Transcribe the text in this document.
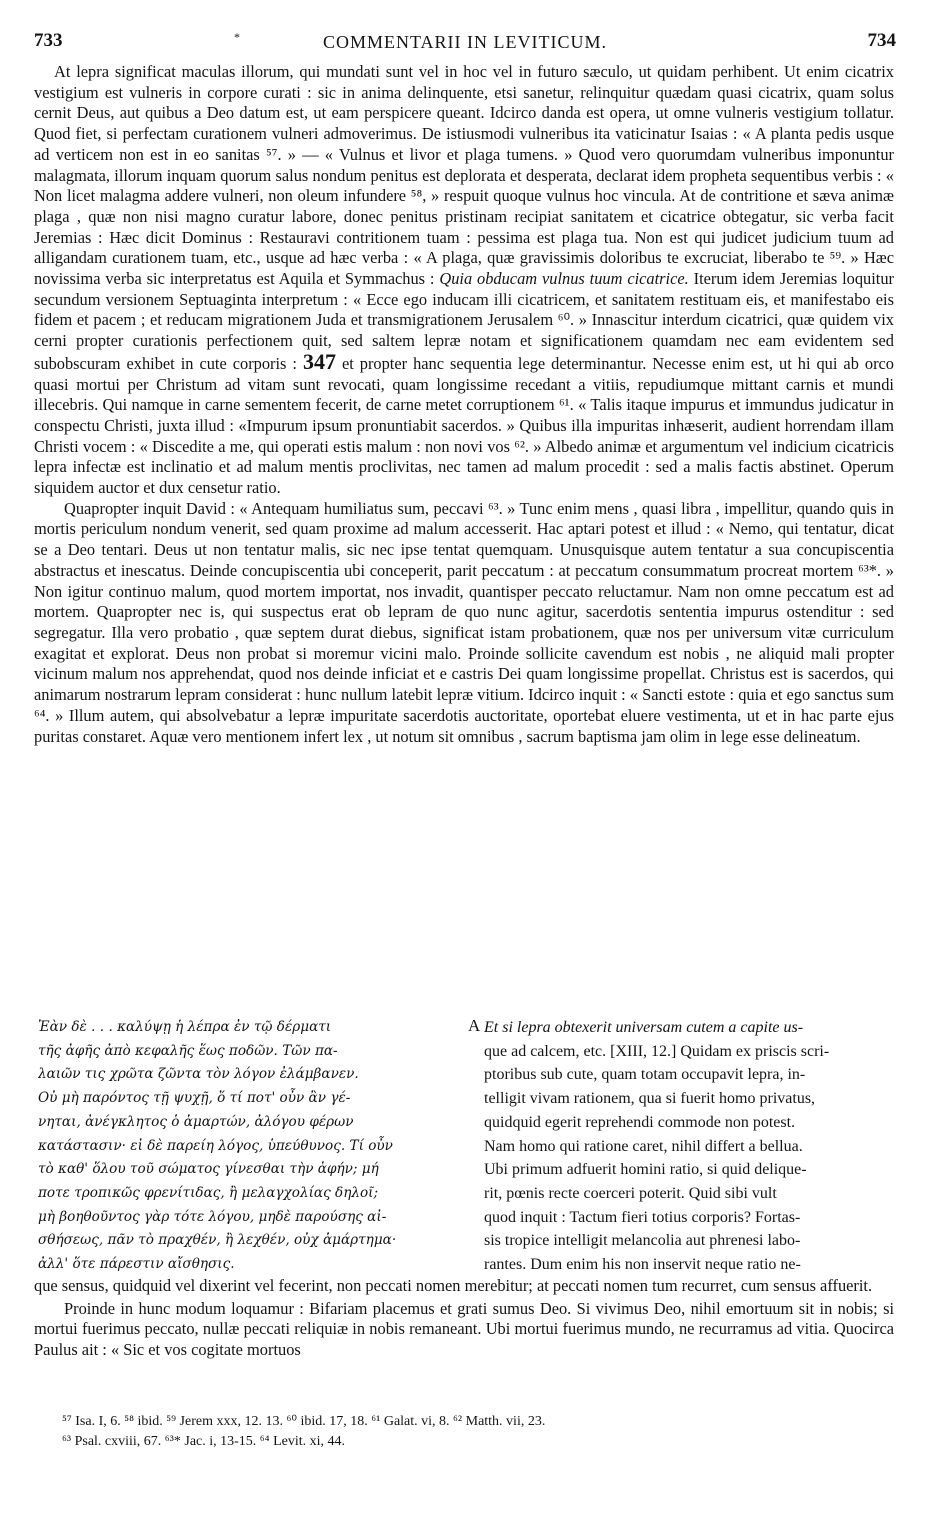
733	*	COMMENTARII IN LEVITICUM.	734

At lepra significat maculas illorum, qui mundati sunt vel in hoc vel in futuro sæculo, ut quidam perhibent. Ut enim cicatrix vestigium est vulneris in corpore curati : sic in anima delinquente, etsi sanetur, relinquitur quædam quasi cicatrix, quam solus cernit Deus, aut quibus a Deo datum est, ut eam perspicere queant. Idcirco danda est opera, ut omne vulneris vestigium tollatur. Quod fiet, si perfectam curationem vulneri admoverimus. De istiusmodi vulneribus ita vaticinatur Isaias : « A planta pedis usque ad verticem non est in eo sanitas ⁵⁷. » — « Vulnus et livor et plaga tumens. » Quod vero quorumdam vulneribus imponuntur malagmata, illorum inquam quorum salus nondum penitus est deplorata et desperata, declarat idem propheta sequentibus verbis : « Non licet malagma addere vulneri, non oleum infundere ⁵⁸, » respuit quoque vulnus hoc vincula. At de contritione et sæva animæ plaga , quæ non nisi magno curatur labore, donec penitus pristinam recipiat sanitatem et cicatrice obtegatur, sic verba facit Jeremias : Hæc dicit Dominus : Restauravi contritionem tuam : pessima est plaga tua. Non est qui judicet judicium tuum ad alligandam curationem tuam, etc., usque ad hæc verba : « A plaga, quæ gravissimis doloribus te excruciat, liberabo te ⁵⁹. » Hæc novissima verba sic interpretatus est Aquila et Symmachus : Quia obducam vulnus tuum cicatrice. Iterum idem Jeremias loquitur secundum versionem Septuaginta interpretum : « Ecce ego inducam illi cicatricem, et sanitatem restituam eis, et manifestabo eis fidem et pacem ; et reducam migrationem Juda et transmigrationem Jerusalem ⁶⁰. » Innascitur interdum cicatrici, quæ quidem vix cerni propter curationis perfectionem quit, sed saltem lepræ notam et significationem quamdam nec eam evidentem sed subobscuram exhibet in cute corporis : 347 et propter hanc sequentia lege determinantur. Necesse enim est, ut hi qui ab orco quasi mortui per Christum ad vitam sunt revocati, quam longissime recedant a vitiis, repudiumque mittant carnis et mundi illecebris. Qui namque in carne sementem fecerit, de carne metet corruptionem ⁶¹. « Talis itaque impurus et immundus judicatur in conspectu Christi, juxta illud : «Impurum ipsum pronuntiabit sacerdos. » Quibus illa impuritas inhæserit, audient horrendam illam Christi vocem : « Discedite a me, qui operati estis malum : non novi vos ⁶². » Albedo animæ et argumentum vel indicium cicatricis lepra infectæ est inclinatio et ad malum mentis proclivitas, nec tamen ad malum procedit : sed a malis factis abstinet. Operum siquidem auctor et dux censetur ratio.

Quapropter inquit David : « Antequam humiliatus sum, peccavi ⁶³. » Tunc enim mens , quasi libra , impellitur, quando quis in mortis periculum nondum venerit, sed quam proxime ad malum accesserit. Hac aptari potest et illud : « Nemo, qui tentatur, dicat se a Deo tentari. Deus ut non tentatur malis, sic nec ipse tentat quemquam. Unusquisque autem tentatur a sua concupiscentia abstractus et inescatus. Deinde concupiscentia ubi conceperit, parit peccatum : at peccatum consummatum procreat mortem ⁶³*. » Non igitur continuo malum, quod mortem importat, nos invadit, quantisper peccato reluctamur. Nam non omne peccatum est ad mortem. Quapropter nec is, qui suspectus erat ob lepram de quo nunc agitur, sacerdotis sententia impurus ostenditur : sed segregatur. Illa vero probatio , quæ septem durat diebus, significat istam probationem, quæ nos per universum vitæ curriculum exagitat et explorat. Deus non probat si moremur vicini malo. Proinde sollicite cavendum est nobis , ne aliquid mali propter vicinum malum nos apprehendat, quod nos deinde inficiat et e castris Dei quam longissime propellat. Christus est is sacerdos, qui animarum nostrarum lepram considerat : hunc nullum latebit lepræ vitium. Idcirco inquit : « Sancti estote : quia et ego sanctus sum ⁶⁴. » Illum autem, qui absolvebatur a lepræ impuritate sacerdotis auctoritate, oportebat eluere vestimenta, ut et in hac parte ejus puritas constaret. Aquæ vero mentionem infert lex , ut notum sit omnibus , sacrum baptisma jam olim in lege esse delineatum.

Ἐὰν δὲ . . . καλύψῃ ἡ λέπρα ἐν τῷ δέρματι
τῆς ἀφῆς ἀπὸ κεφαλῆς ἕως ποδῶν. Τῶν πα-
λαιῶν τις χρῶτα ζῶντα τὸν λόγον ἐλάμβανεν.
Οὐ μὴ παρόντος τῇ ψυχῇ, ὅ τί ποτ' οὖν ἂν γέ-
νηται, ἀνέγκλητος ὁ ἁμαρτών, ἀλόγου φέρων
κατάστασιν· εἰ δὲ παρείη λόγος, ὑπεύθυνος. Τί οὖν
τὸ καθ' ὅλου τοῦ σώματος γίνεσθαι τὴν ἀφήν; μή
ποτε τροπικῶς φρενίτιδας, ἢ μελαγχολίας δηλοῖ;
μὴ βοηθοῦντος γὰρ τότε λόγου, μηδὲ παρούσης αἰ-
σθήσεως, πᾶν τὸ πραχθέν, ἢ λεχθέν, οὐχ ἁμάρτημα·
ἀλλ' ὅτε πάρεστιν αἴσθησις.
A Et si lepra obtexerit universam cutem a capite us-
que ad calcem, etc. [XIII, 12.] Quidam ex priscis scri-
ptoribus sub cute, quam totam occupavit lepra, in-
telligit vivam rationem, qua si fuerit homo privatus,
quidquid egerit reprehendi commode non potest.
Nam homo qui ratione caret, nihil differt a bellua.
Ubi primum adfuerit homini ratio, si quid delique-
rit, pœnis recte coerceri poterit. Quid sibi vult
quod inquit : Tactum fieri totius corporis? Fortas-
sis tropice intelligit melancolia aut phrenesi labo-
rantes. Dum enim his non inservit neque ratio ne-

que sensus, quidquid vel dixerint vel fecerint, non peccati nomen merebitur; at peccati nomen tum recurret, cum sensus affuerit.

Proinde in hunc modum loquamur : Bifariam placemus et grati sumus Deo. Si vivimus Deo, nihil emortuum sit in nobis; si mortui fuerimus peccato, nullæ peccati reliquiæ in nobis remaneant. Ubi mortui fuerimus mundo, ne recurramus ad vitia. Quocirca Paulus ait : « Sic et vos cogitate mortuos

⁵⁷ Isa. I, 6. ⁵⁸ ibid. ⁵⁹ Jerem xxx, 12. 13. ⁶⁰ ibid. 17, 18. ⁶¹ Galat. vi, 8. ⁶² Matth. vii, 23.
⁶³ Psal. cxviii, 67. ⁶³* Jac. i, 13-15. ⁶⁴ Levit. xi, 44.
